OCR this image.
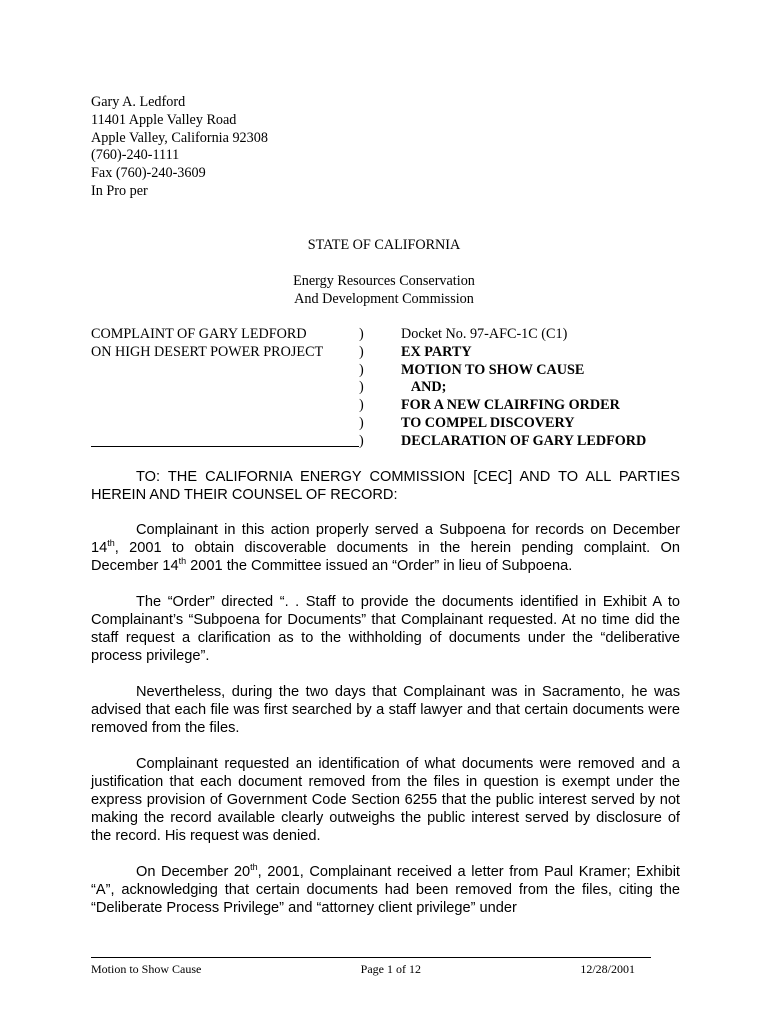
Gary A. Ledford
11401 Apple Valley Road
Apple Valley, California 92308
(760)-240-1111
Fax (760)-240-3609
In Pro per
STATE OF CALIFORNIA
Energy Resources Conservation
And Development Commission
COMPLAINT OF GARY LEDFORD	)	Docket No. 97-AFC-1C (C1)
ON HIGH DESERT POWER PROJECT	)	EX PARTY
)	MOTION TO SHOW CAUSE
)	AND;
)	FOR A NEW CLAIRFING ORDER
)	TO COMPEL DISCOVERY
)	DECLARATION OF GARY LEDFORD

TO: THE CALIFORNIA ENERGY COMMISSION [CEC] AND TO ALL PARTIES HEREIN AND THEIR COUNSEL OF RECORD:

Complainant in this action properly served a Subpoena for records on December 14th, 2001 to obtain discoverable documents in the herein pending complaint. On December 14th 2001 the Committee issued an “Order” in lieu of Subpoena.

The “Order” directed “. . Staff to provide the documents identified in Exhibit A to Complainant’s “Subpoena for Documents” that Complainant requested. At no time did the staff request a clarification as to the withholding of documents under the “deliberative process privilege”.

Nevertheless, during the two days that Complainant was in Sacramento, he was advised that each file was first searched by a staff lawyer and that certain documents were removed from the files.

Complainant requested an identification of what documents were removed and a justification that each document removed from the files in question is exempt under the express provision of Government Code Section 6255 that the public interest served by not making the record available clearly outweighs the public interest served by disclosure of the record. His request was denied.

On December 20th, 2001, Complainant received a letter from Paul Kramer; Exhibit “A”, acknowledging that certain documents had been removed from the files, citing the “Deliberate Process Privilege” and “attorney client privilege” under

Motion to Show Cause	Page 1 of 12	12/28/2001
